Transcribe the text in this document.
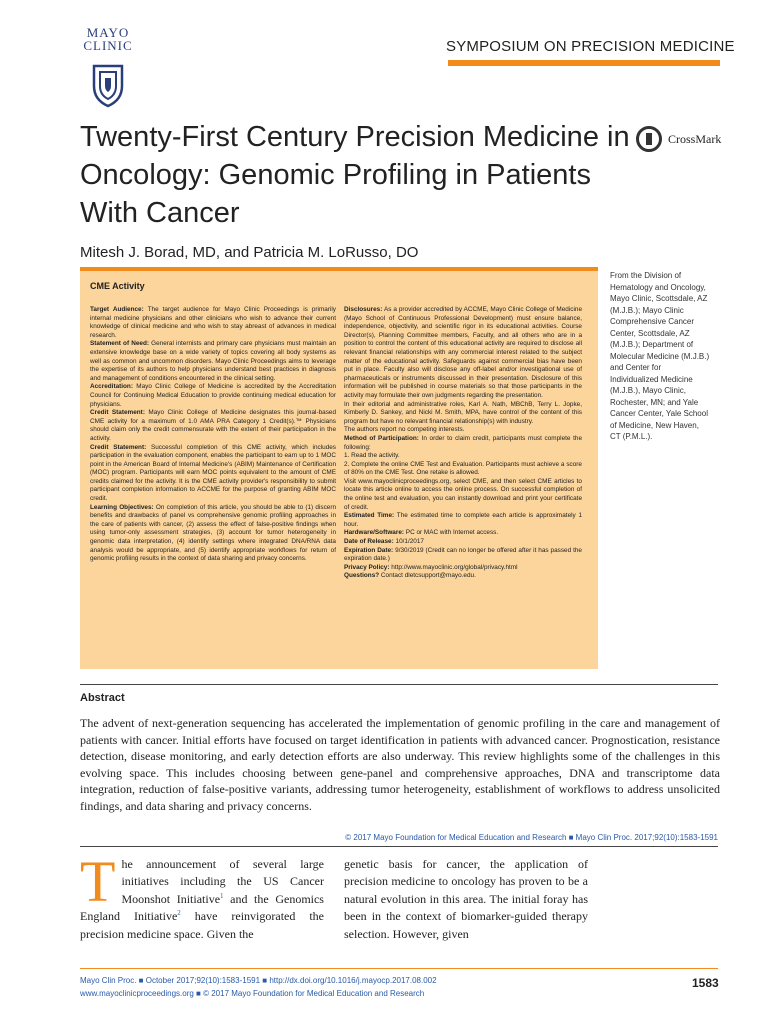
MAYO
CLINIC	SYMPOSIUM ON PRECISION MEDICINE
Twenty-First Century Precision Medicine in Oncology: Genomic Profiling in Patients With Cancer
CrossMark
Mitesh J. Borad, MD, and Patricia M. LoRusso, DO
CME Activity

Target Audience: The target audience for Mayo Clinic Proceedings is primarily internal medicine physicians and other clinicians who wish to advance their current knowledge of clinical medicine and who wish to stay abreast of advances in medical research.

Statement of Need: General internists and primary care physicians must maintain an extensive knowledge base on a wide variety of topics covering all body systems as well as common and uncommon disorders. Mayo Clinic Proceedings aims to leverage the expertise of its authors to help physicians understand best practices in diagnosis and management of conditions encountered in the clinical setting.

Accreditation: Mayo Clinic College of Medicine is accredited by the Accreditation Council for Continuing Medical Education to provide continuing medical education for physicians.

Credit Statement: Mayo Clinic College of Medicine designates this journal-based CME activity for a maximum of 1.0 AMA PRA Category 1 Credit(s).™ Physicians should claim only the credit commensurate with the extent of their participation in the activity.

Credit Statement: Successful completion of this CME activity, which includes participation in the evaluation component, enables the participant to earn up to 1 MOC point in the American Board of Internal Medicine's (ABIM) Maintenance of Certification (MOC) program. Participants will earn MOC points equivalent to the amount of CME credits claimed for the activity. It is the CME activity provider's responsibility to submit participant completion information to ACCME for the purpose of granting ABIM MOC credit.

Learning Objectives: On completion of this article, you should be able to (1) discern benefits and drawbacks of panel vs comprehensive genomic profiling approaches in the care of patients with cancer, (2) assess the effect of false-positive findings when using tumor-only assessment strategies, (3) account for tumor heterogeneity in genomic data interpretation, (4) identify settings where integrated DNA/RNA data analysis would be appropriate, and (5) identify appropriate workflows for return of genomic profiling results in the context of data sharing and privacy concerns.

Disclosures: As a provider accredited by ACCME, Mayo Clinic College of Medicine (Mayo School of Continuous Professional Development) must ensure balance, independence, objectivity, and scientific rigor in its educational activities. Course Director(s), Planning Committee members, Faculty, and all others who are in a position to control the content of this educational activity are required to disclose all relevant financial relationships with any commercial interest related to the subject matter of the educational activity. Safeguards against commercial bias have been put in place. Faculty also will disclose any off-label and/or investigational use of pharmaceuticals or instruments discussed in their presentation. Disclosure of this information will be published in course materials so that those participants in the activity may formulate their own judgments regarding the presentation.

In their editorial and administrative roles, Karl A. Nath, MBChB, Terry L. Jopke, Kimberly D. Sankey, and Nicki M. Smith, MPA, have control of the content of this program but have no relevant financial relationship(s) with industry.

The authors report no competing interests.

Method of Participation: In order to claim credit, participants must complete the following:

1. Read the activity.

2. Complete the online CME Test and Evaluation. Participants must achieve a score of 80% on the CME Test. One retake is allowed.

Visit www.mayoclinicproceedings.org, select CME, and then select CME articles to locate this article online to access the online process. On successful completion of the online test and evaluation, you can instantly download and print your certificate of credit.

Estimated Time: The estimated time to complete each article is approximately 1 hour.

Hardware/Software: PC or MAC with Internet access.

Date of Release: 10/1/2017

Expiration Date: 9/30/2019 (Credit can no longer be offered after it has passed the expiration date.)

Privacy Policy: http://www.mayoclinic.org/global/privacy.html

Questions? Contact dletcsupport@mayo.edu.

From the Division of Hematology and Oncology, Mayo Clinic, Scottsdale, AZ (M.J.B.); Mayo Clinic Comprehensive Cancer Center, Scottsdale, AZ (M.J.B.); Department of Molecular Medicine (M.J.B.) and Center for Individualized Medicine (M.J.B.), Mayo Clinic, Rochester, MN; and Yale Cancer Center, Yale School of Medicine, New Haven, CT (P.M.L.).
Abstract
The advent of next-generation sequencing has accelerated the implementation of genomic profiling in the care and management of patients with cancer. Initial efforts have focused on target identification in patients with advanced cancer. Prognostication, resistance detection, disease monitoring, and early detection efforts are also underway. This review highlights some of the challenges in this evolving space. This includes choosing between gene-panel and comprehensive approaches, DNA and transcriptome data integration, reduction of false-positive variants, addressing tumor heterogeneity, establishment of workflows to address unsolicited findings, and data sharing and privacy concerns.
© 2017 Mayo Foundation for Medical Education and Research ■ Mayo Clin Proc. 2017;92(10):1583-1591
The announcement of several large initiatives including the US Cancer Moonshot Initiative$^1$ and the Genomics England Initiative$^2$ have reinvigorated the precision medicine space. Given the
genetic basis for cancer, the application of precision medicine to oncology has proven to be a natural evolution in this area. The initial foray has been in the context of biomarker-guided therapy selection. However, given
Mayo Clin Proc. ■ October 2017;92(10):1583-1591 ■ http://dx.doi.org/10.1016/j.mayocp.2017.08.002
www.mayoclinicproceedings.org ■ © 2017 Mayo Foundation for Medical Education and Research
1583
